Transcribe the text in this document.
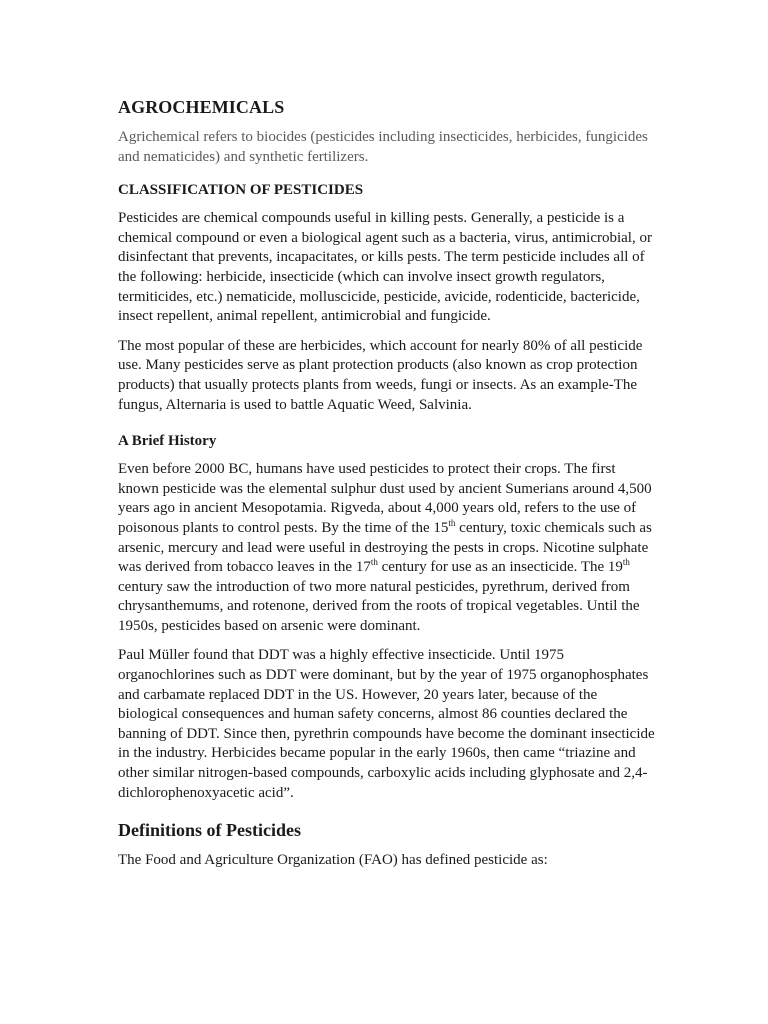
AGROCHEMICALS

Agrichemical refers to biocides (pesticides including insecticides, herbicides, fungicides and nematicides) and synthetic fertilizers.

CLASSIFICATION OF PESTICIDES

Pesticides are chemical compounds useful in killing pests. Generally, a pesticide is a chemical compound or even a biological agent such as a bacteria, virus, antimicrobial, or disinfectant that prevents, incapacitates, or kills pests. The term pesticide includes all of the following: herbicide, insecticide (which can involve insect growth regulators, termiticides, etc.) nematicide, molluscicide, pesticide, avicide, rodenticide, bactericide, insect repellent, animal repellent, antimicrobial and fungicide.

The most popular of these are herbicides, which account for nearly 80% of all pesticide use. Many pesticides serve as plant protection products (also known as crop protection products) that usually protects plants from weeds, fungi or insects. As an example-The fungus, Alternaria is used to battle Aquatic Weed, Salvinia.

A Brief History

Even before 2000 BC, humans have used pesticides to protect their crops. The first known pesticide was the elemental sulphur dust used by ancient Sumerians around 4,500 years ago in ancient Mesopotamia. Rigveda, about 4,000 years old, refers to the use of poisonous plants to control pests. By the time of the 15th century, toxic chemicals such as arsenic, mercury and lead were useful in destroying the pests in crops. Nicotine sulphate was derived from tobacco leaves in the 17th century for use as an insecticide. The 19th century saw the introduction of two more natural pesticides, pyrethrum, derived from chrysanthemums, and rotenone, derived from the roots of tropical vegetables. Until the 1950s, pesticides based on arsenic were dominant.

Paul Müller found that DDT was a highly effective insecticide. Until 1975 organochlorines such as DDT were dominant, but by the year of 1975 organophosphates and carbamate replaced DDT in the US. However, 20 years later, because of the biological consequences and human safety concerns, almost 86 counties declared the banning of DDT. Since then, pyrethrin compounds have become the dominant insecticide in the industry. Herbicides became popular in the early 1960s, then came “triazine and other similar nitrogen-based compounds, carboxylic acids including glyphosate and 2,4-dichlorophenoxyacetic acid”.

Definitions of Pesticides

The Food and Agriculture Organization (FAO) has defined pesticide as:
